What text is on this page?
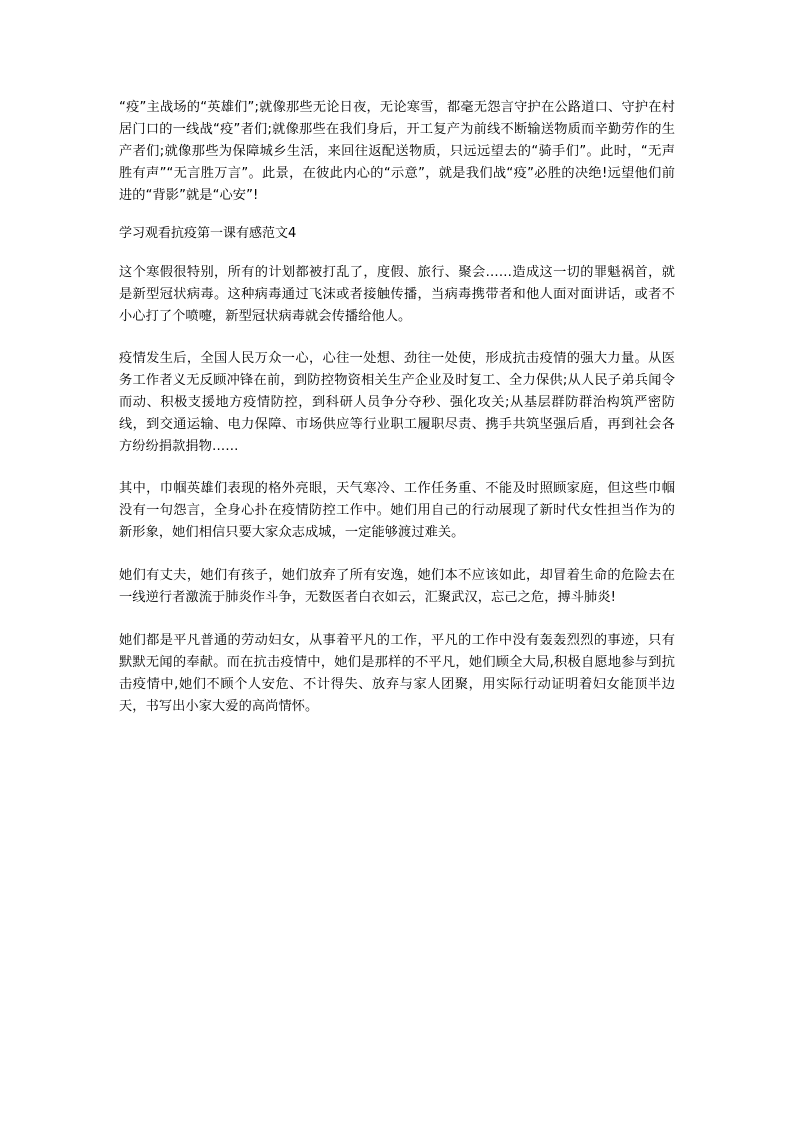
“疫”主战场的“英雄们”;就像那些无论日夜，无论寒雪，都毫无怨言守护在公路道口、守护在村居门口的一线战“疫”者们;就像那些在我们身后，开工复产为前线不断输送物质而辛勤劳作的生产者们;就像那些为保障城乡生活，来回往返配送物质，只远远望去的“骑手们”。此时，“无声胜有声”“无言胜万言”。此景，在彼此内心的“示意”，就是我们战“疫”必胜的决绝!远望他们前进的“背影”就是“心安”!

学习观看抗疫第一课有感范文4

这个寒假很特别，所有的计划都被打乱了，度假、旅行、聚会……造成这一切的罪魁祸首，就是新型冠状病毒。这种病毒通过飞沫或者接触传播，当病毒携带者和他人面对面讲话，或者不小心打了个喷嚏，新型冠状病毒就会传播给他人。

疫情发生后，全国人民万众一心，心往一处想、劲往一处使，形成抗击疫情的强大力量。从医务工作者义无反顾冲锋在前，到防控物资相关生产企业及时复工、全力保供;从人民子弟兵闻令而动、积极支援地方疫情防控，到科研人员争分夺秒、强化攻关;从基层群防群治构筑严密防线，到交通运输、电力保障、市场供应等行业职工履职尽责、携手共筑坚强后盾，再到社会各方纷纷捐款捐物……

其中，巾帼英雄们表现的格外亮眼，天气寒冷、工作任务重、不能及时照顾家庭，但这些巾帼没有一句怨言，全身心扑在疫情防控工作中。她们用自己的行动展现了新时代女性担当作为的新形象，她们相信只要大家众志成城，一定能够渡过难关。

她们有丈夫，她们有孩子，她们放弃了所有安逸，她们本不应该如此，却冒着生命的危险去在一线逆行者激流于肺炎作斗争，无数医者白衣如云，汇聚武汉，忘己之危，搏斗肺炎!

她们都是平凡普通的劳动妇女，从事着平凡的工作，平凡的工作中没有轰轰烈烈的事迹，只有默默无闻的奉献。而在抗击疫情中，她们是那样的不平凡，她们顾全大局,积极自愿地参与到抗击疫情中,她们不顾个人安危、不计得失、放弃与家人团聚，用实际行动证明着妇女能顶半边天，书写出小家大爱的高尚情怀。
